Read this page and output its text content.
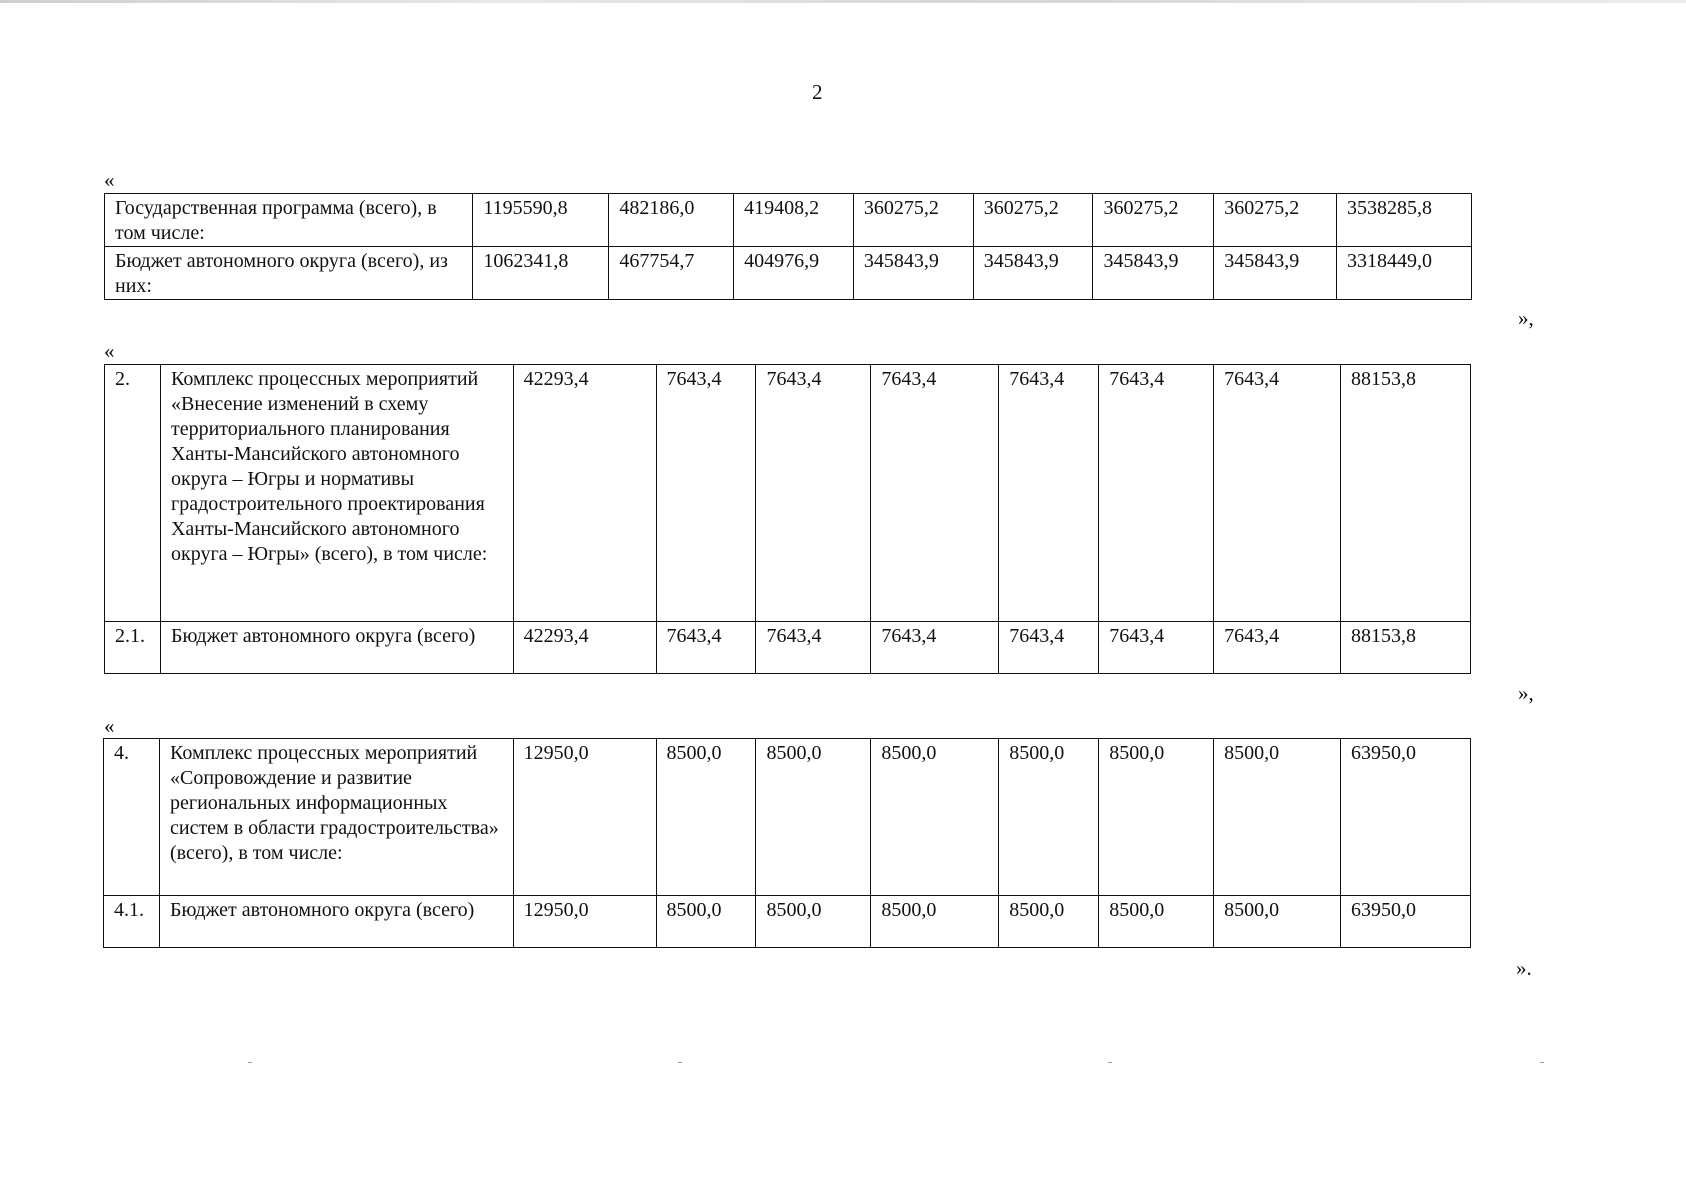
2
«
Государственная программа (всего), в том числе:	1195590,8	482186,0	419408,2	360275,2	360275,2	360275,2	360275,2	3538285,8
Бюджет автономного округа (всего), из них:	1062341,8	467754,7	404976,9	345843,9	345843,9	345843,9	345843,9	3318449,0
»,
«
2.	Комплекс процессных мероприятий «Внесение изменений в схему территориального планирования Ханты-Мансийского автономного округа – Югры и нормативы градостроительного проектирования Ханты-Мансийского автономного округа – Югры» (всего), в том числе:	42293,4	7643,4	7643,4	7643,4	7643,4	7643,4	7643,4	88153,8
2.1.	Бюджет автономного округа (всего)	42293,4	7643,4	7643,4	7643,4	7643,4	7643,4	7643,4	88153,8
»,
«
4.	Комплекс процессных мероприятий «Сопровождение и развитие региональных информационных систем в области градостроительства» (всего), в том числе:	12950,0	8500,0	8500,0	8500,0	8500,0	8500,0	8500,0	63950,0
4.1.	Бюджет автономного округа (всего)	12950,0	8500,0	8500,0	8500,0	8500,0	8500,0	8500,0	63950,0
».
